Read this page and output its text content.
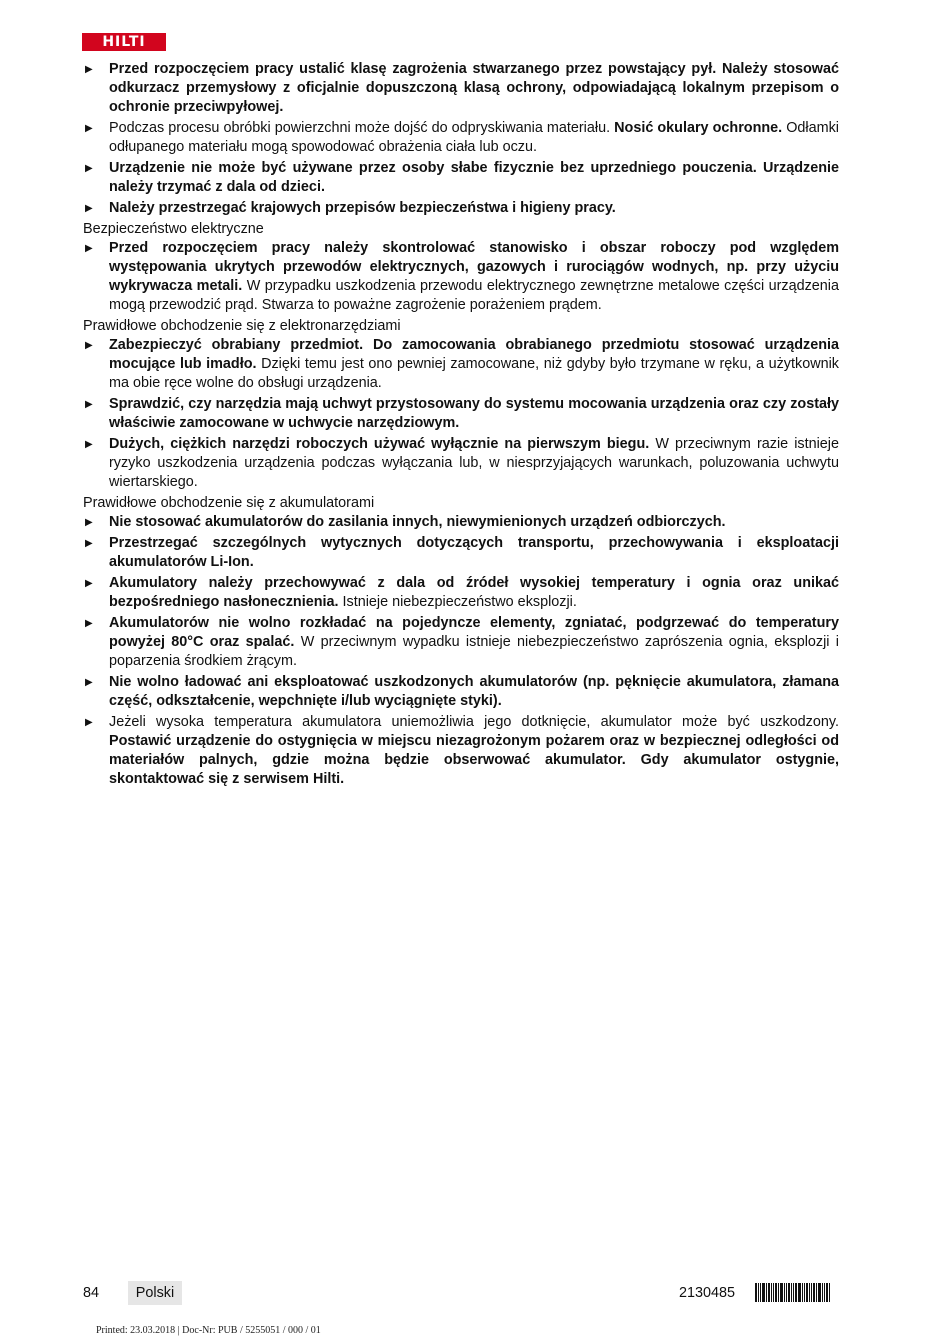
HILTI
▶ Przed rozpoczęciem pracy ustalić klasę zagrożenia stwarzanego przez powstający pył. Należy stosować odkurzacz przemysłowy z oficjalnie dopuszczoną klasą ochrony, odpowiadającą lokalnym przepisom o ochronie przeciwpyłowej.
▶ Podczas procesu obróbki powierzchni może dojść do odpryskiwania materiału. Nosić okulary ochronne. Odłamki odłupanego materiału mogą spowodować obrażenia ciała lub oczu.
▶ Urządzenie nie może być używane przez osoby słabe fizycznie bez uprzedniego pouczenia. Urządzenie należy trzymać z dala od dzieci.
▶ Należy przestrzegać krajowych przepisów bezpieczeństwa i higieny pracy.
Bezpieczeństwo elektryczne
▶ Przed rozpoczęciem pracy należy skontrolować stanowisko i obszar roboczy pod względem występowania ukrytych przewodów elektrycznych, gazowych i rurociągów wodnych, np. przy użyciu wykrywacza metali. W przypadku uszkodzenia przewodu elektrycznego zewnętrzne metalowe części urządzenia mogą przewodzić prąd. Stwarza to poważne zagrożenie porażeniem prądem.
Prawidłowe obchodzenie się z elektronarzędziami
▶ Zabezpieczyć obrabiany przedmiot. Do zamocowania obrabianego przedmiotu stosować urządzenia mocujące lub imadło. Dzięki temu jest ono pewniej zamocowane, niż gdyby było trzymane w ręku, a użytkownik ma obie ręce wolne do obsługi urządzenia.
▶ Sprawdzić, czy narzędzia mają uchwyt przystosowany do systemu mocowania urządzenia oraz czy zostały właściwie zamocowane w uchwycie narzędziowym.
▶ Dużych, ciężkich narzędzi roboczych używać wyłącznie na pierwszym biegu. W przeciwnym razie istnieje ryzyko uszkodzenia urządzenia podczas wyłączania lub, w niesprzyjających warunkach, poluzowania uchwytu wiertarskiego.
Prawidłowe obchodzenie się z akumulatorami
▶ Nie stosować akumulatorów do zasilania innych, niewymienionych urządzeń odbiorczych.
▶ Przestrzegać szczególnych wytycznych dotyczących transportu, przechowywania i eksploatacji akumulatorów Li-Ion.
▶ Akumulatory należy przechowywać z dala od źródeł wysokiej temperatury i ognia oraz unikać bezpośredniego nasłonecznienia. Istnieje niebezpieczeństwo eksplozji.
▶ Akumulatorów nie wolno rozkładać na pojedyncze elementy, zgniatać, podgrzewać do temperatury powyżej 80°C oraz spalać. W przeciwnym wypadku istnieje niebezpieczeństwo zaprószenia ognia, eksplozji i poparzenia środkiem żrącym.
▶ Nie wolno ładować ani eksploatować uszkodzonych akumulatorów (np. pęknięcie akumulatora, złamana część, odkształcenie, wepchnięte i/lub wyciągnięte styki).
▶ Jeżeli wysoka temperatura akumulatora uniemożliwia jego dotknięcie, akumulator może być uszkodzony. Postawić urządzenie do ostygnięcia w miejscu niezagrożonym pożarem oraz w bezpiecznej odległości od materiałów palnych, gdzie można będzie obserwować akumulator. Gdy akumulator ostygnie, skontaktować się z serwisem Hilti.
84	Polski	2130485
Printed: 23.03.2018 | Doc-Nr: PUB / 5255051 / 000 / 01
